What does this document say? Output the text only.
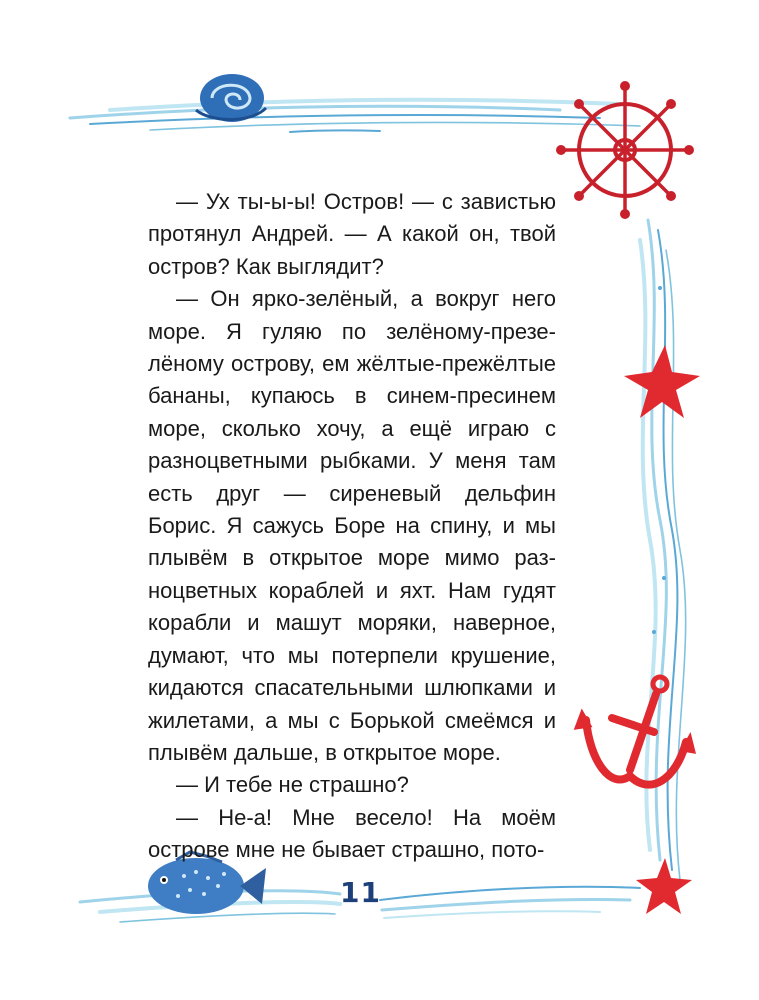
— Ух ты-ы-ы! Остров! — с завистью протянул Андрей. — А какой он, твой остров? Как выглядит?

— Он ярко-зелёный, а вокруг него море. Я гуляю по зелёному-презелёному острову, ем жёлтые-прежёлтые бананы, купаюсь в синем-пресинем море, сколько хочу, а ещё играю с разноцветными рыбками. У меня там есть друг — сиреневый дельфин Борис. Я сажусь Боре на спину, и мы плывём в открытое море мимо разноцветных кораблей и яхт. Нам гудят корабли и машут моряки, наверное, думают, что мы потерпели крушение, кидаются спасательными шлюпками и жилетами, а мы с Борькой смеёмся и плывём дальше, в открытое море.

— И тебе не страшно?

— Не-а! Мне весело! На моём острове мне не бывает страшно, пото-

11
